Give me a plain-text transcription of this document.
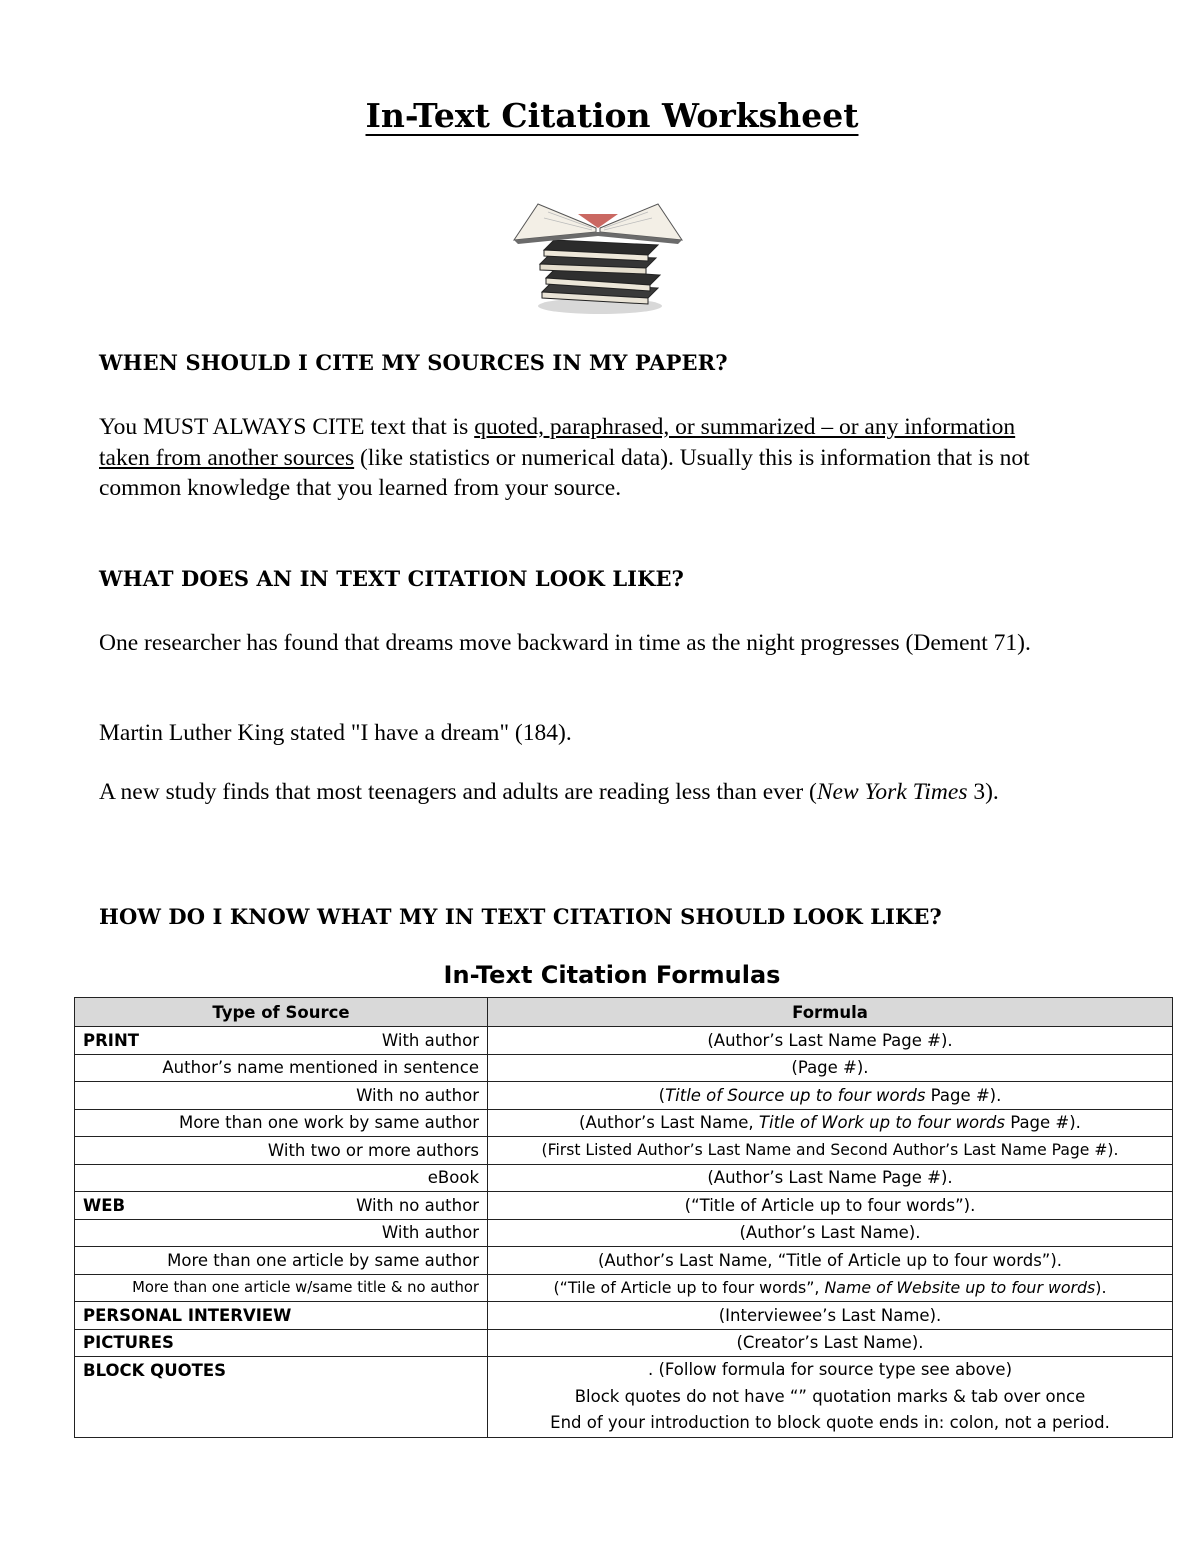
In-Text Citation Worksheet
WHEN SHOULD I CITE MY SOURCES IN MY PAPER?

You MUST ALWAYS CITE text that is quoted, paraphrased, or summarized – or any information taken from another sources (like statistics or numerical data). Usually this is information that is not common knowledge that you learned from your source.

WHAT DOES AN IN TEXT CITATION LOOK LIKE?

One researcher has found that dreams move backward in time as the night progresses (Dement 71).

Martin Luther King stated "I have a dream" (184).

A new study finds that most teenagers and adults are reading less than ever (New York Times 3).

HOW DO I KNOW WHAT MY IN TEXT CITATION SHOULD LOOK LIKE?
In-Text Citation Formulas
Type of Source	Formula

PRINT With author	(Author’s Last Name Page #).
Author’s name mentioned in sentence	(Page #).
With no author	(Title of Source up to four words Page #).
More than one work by same author	(Author’s Last Name, Title of Work up to four words Page #).
With two or more authors	(First Listed Author’s Last Name and Second Author’s Last Name Page #).
eBook	(Author’s Last Name Page #).

WEB With no author	(“Title of Article up to four words”).
With author	(Author’s Last Name).
More than one article by same author	(Author’s Last Name, “Title of Article up to four words”).
More than one article w/same title & no author	(“Tile of Article up to four words”, Name of Website up to four words).

PERSONAL INTERVIEW	(Interviewee’s Last Name).

PICTURES	(Creator’s Last Name).

BLOCK QUOTES	. (Follow formula for source type see above)
Block quotes do not have “” quotation marks & tab over once
End of your introduction to block quote ends in: colon, not a period.
